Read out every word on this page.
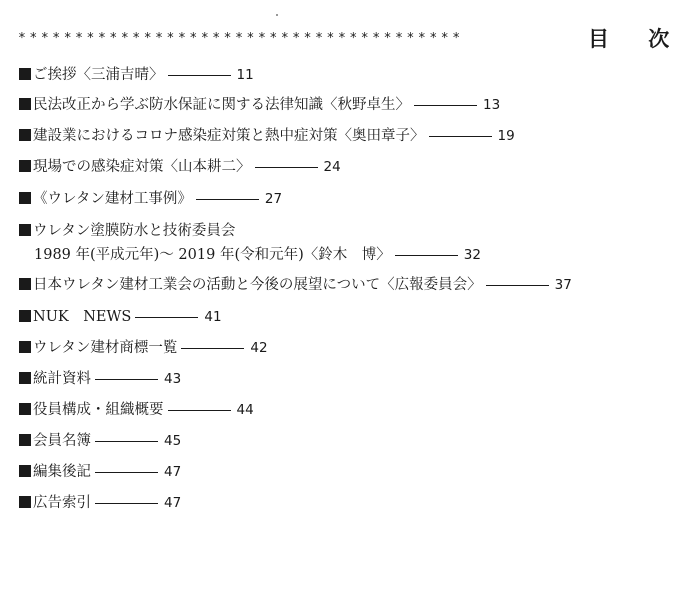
***************************************	目 次
ご挨拶〈三浦吉晴〉	11
民法改正から学ぶ防水保証に関する法律知識〈秋野卓生〉	13
建設業におけるコロナ感染症対策と熱中症対策〈奥田章子〉	19
現場での感染症対策〈山本耕二〉	24
《ウレタン建材工事例》	27
ウレタン塗膜防水と技術委員会
1989 年(平成元年)～ 2019 年(令和元年)〈鈴木　博〉	32
日本ウレタン建材工業会の活動と今後の展望について〈広報委員会〉	37
NUK　NEWS	41
ウレタン建材商標一覧	42
統計資料	43
役員構成・組織概要	44
会員名簿	45
編集後記	47
広告索引	47
